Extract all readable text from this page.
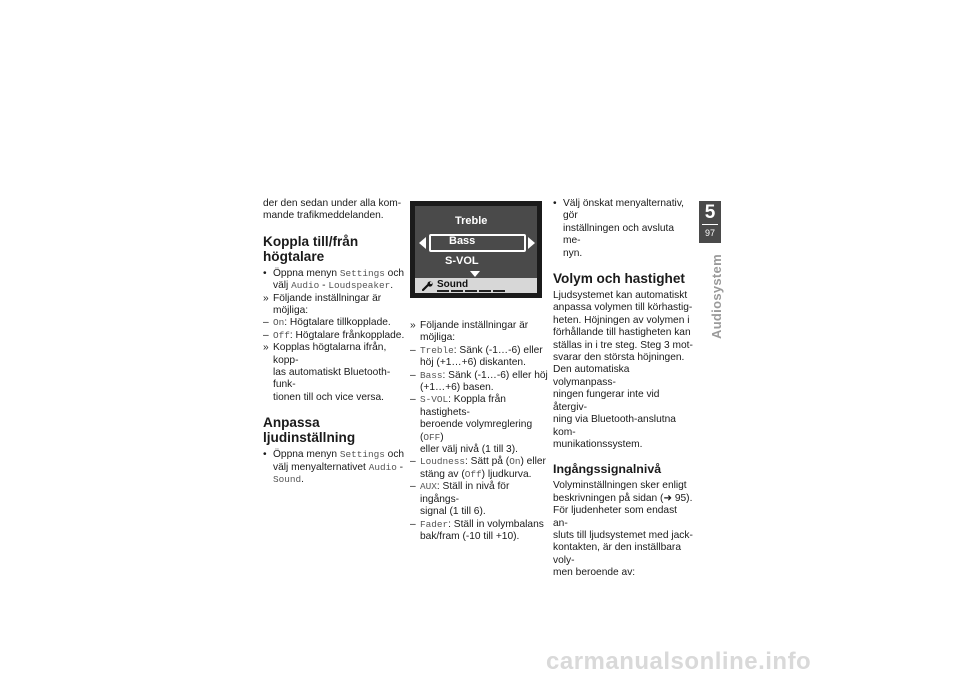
der den sedan under alla kom-
mande trafikmeddelanden.

Koppla till/från högtalare
• Öppna menyn Settings och
välj Audio - Loudspeaker.
» Följande inställningar är möjliga:
– On: Högtalare tillkopplade.
– Off: Högtalare frånkopplade.
» Kopplas högtalarna ifrån, kopp-
las automatiskt Bluetooth-funk-
tionen till och vice versa.
Anpassa ljudinställning
• Öppna menyn Settings och
välj menyalternativet Audio -
Sound.
Treble
Bass
S-VOL
Sound
» Följande inställningar är möjliga:
– Treble: Sänk (-1…-6) eller
höj (+1…+6) diskanten.
– Bass: Sänk (-1…-6) eller höj
(+1…+6) basen.
– S-VOL: Koppla från hastighets-
beroende volymreglering (OFF)
eller välj nivå (1 till 3).
– Loudness: Sätt på (On) eller
stäng av (Off) ljudkurva.
– AUX: Ställ in nivå för ingångs-
signal (1 till 6).
– Fader: Ställ in volymbalans
bak/fram (-10 till +10).
• Välj önskat menyalternativ, gör
inställningen och avsluta me-
nyn.
Volym och hastighet

Ljudsystemet kan automatiskt
anpassa volymen till körhastig-
heten. Höjningen av volymen i
förhållande till hastigheten kan
ställas in i tre steg. Steg 3 mot-
svarar den största höjningen.
Den automatiska volymanpass-
ningen fungerar inte vid återgiv-
ning via Bluetooth-anslutna kom-
munikationssystem.

Ingångssignalnivå

Volyminställningen sker enligt
beskrivningen på sidan (➜ 95).
För ljudenheter som endast an-
sluts till ljudsystemet med jack-
kontakten, är den inställbara voly-
men beroende av:

5
97
Audiosystem
carmanualsonline.info
